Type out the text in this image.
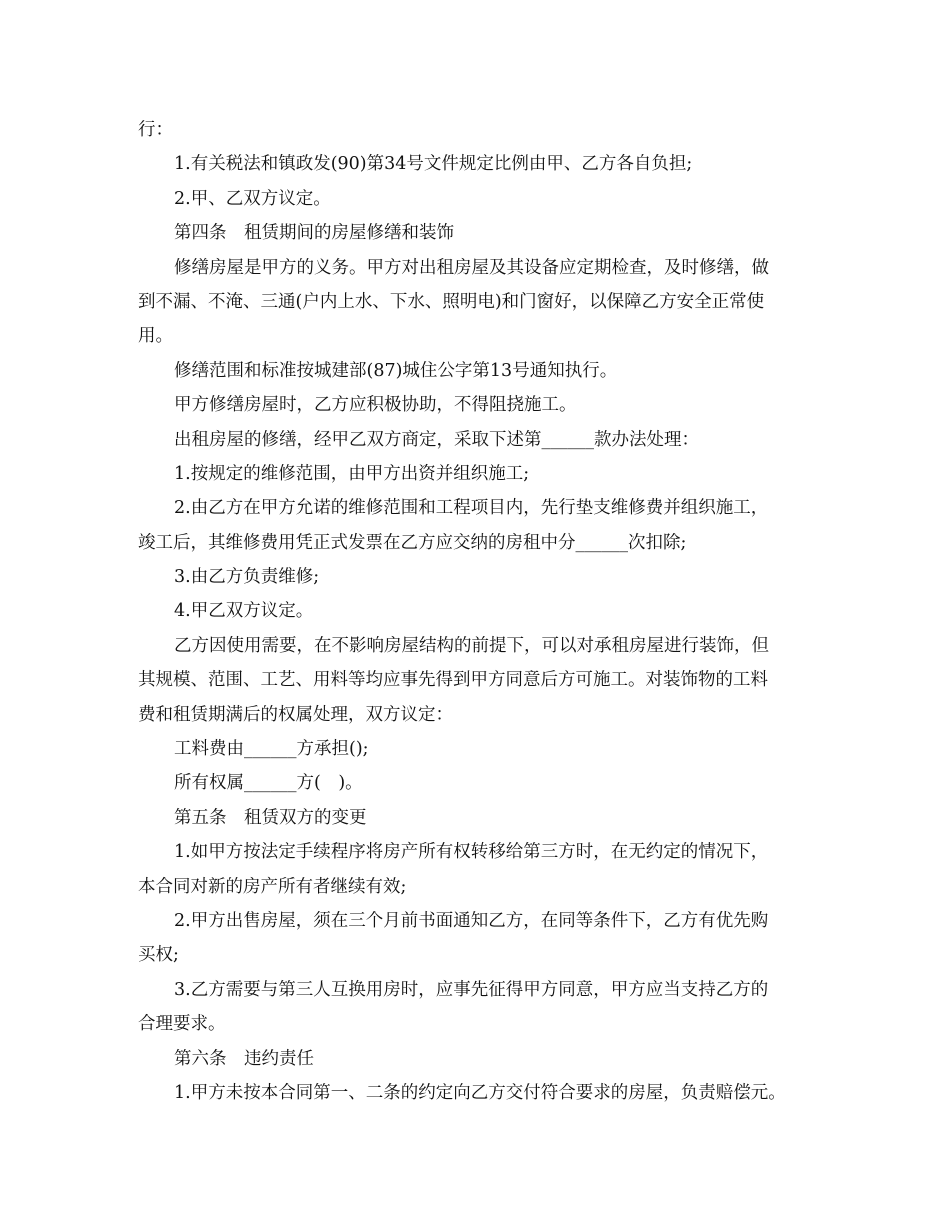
行：
1.有关税法和镇政发(90)第34号文件规定比例由甲、乙方各自负担;
2.甲、乙双方议定。
第四条　租赁期间的房屋修缮和装饰
修缮房屋是甲方的义务。甲方对出租房屋及其设备应定期检查，及时修缮，做
到不漏、不淹、三通(户内上水、下水、照明电)和门窗好，以保障乙方安全正常使
用。
修缮范围和标准按城建部(87)城住公字第13号通知执行。
甲方修缮房屋时，乙方应积极协助，不得阻挠施工。
出租房屋的修缮，经甲乙双方商定，采取下述第______款办法处理：
1.按规定的维修范围，由甲方出资并组织施工;
2.由乙方在甲方允诺的维修范围和工程项目内，先行垫支维修费并组织施工，
竣工后，其维修费用凭正式发票在乙方应交纳的房租中分______次扣除;
3.由乙方负责维修;
4.甲乙双方议定。
乙方因使用需要，在不影响房屋结构的前提下，可以对承租房屋进行装饰，但
其规模、范围、工艺、用料等均应事先得到甲方同意后方可施工。对装饰物的工料
费和租赁期满后的权属处理，双方议定：
工料费由______方承担();
所有权属______方(　)。
第五条　租赁双方的变更
1.如甲方按法定手续程序将房产所有权转移给第三方时，在无约定的情况下，
本合同对新的房产所有者继续有效;
2.甲方出售房屋，须在三个月前书面通知乙方，在同等条件下，乙方有优先购
买权;
3.乙方需要与第三人互换用房时，应事先征得甲方同意，甲方应当支持乙方的
合理要求。
第六条　违约责任
1.甲方未按本合同第一、二条的约定向乙方交付符合要求的房屋，负责赔偿元。
